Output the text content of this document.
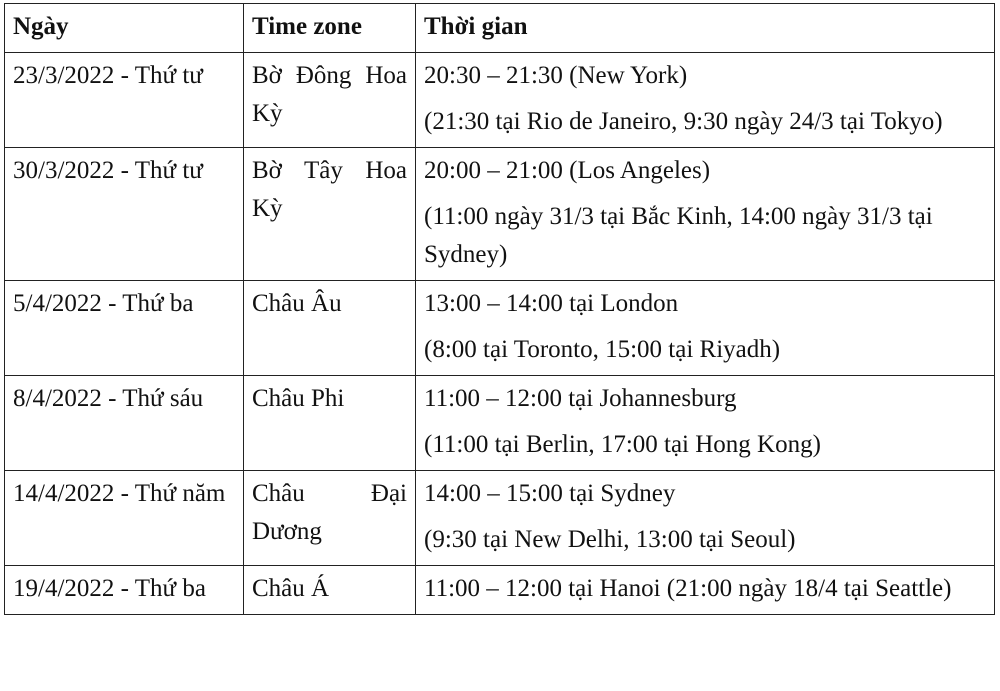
Ngày	Time zone	Thời gian
23/3/2022 - Thứ tư	Bờ Đông Hoa Kỳ	20:30 – 21:30 (New York)
(21:30 tại Rio de Janeiro, 9:30 ngày 24/3 tại Tokyo)

30/3/2022 - Thứ tư	Bờ Tây Hoa Kỳ	20:00 – 21:00 (Los Angeles)
(11:00 ngày 31/3 tại Bắc Kinh, 14:00 ngày 31/3 tại Sydney)

5/4/2022 - Thứ ba	Châu Âu	13:00 – 14:00 tại London
(8:00 tại Toronto, 15:00 tại Riyadh)

8/4/2022 - Thứ sáu	Châu Phi	11:00 – 12:00 tại Johannesburg
(11:00 tại Berlin, 17:00 tại Hong Kong)

14/4/2022 - Thứ năm	Châu Đại Dương	14:00 – 15:00 tại Sydney
(9:30 tại New Delhi, 13:00 tại Seoul)

19/4/2022 - Thứ ba	Châu Á	11:00 – 12:00 tại Hanoi (21:00 ngày 18/4 tại Seattle)
